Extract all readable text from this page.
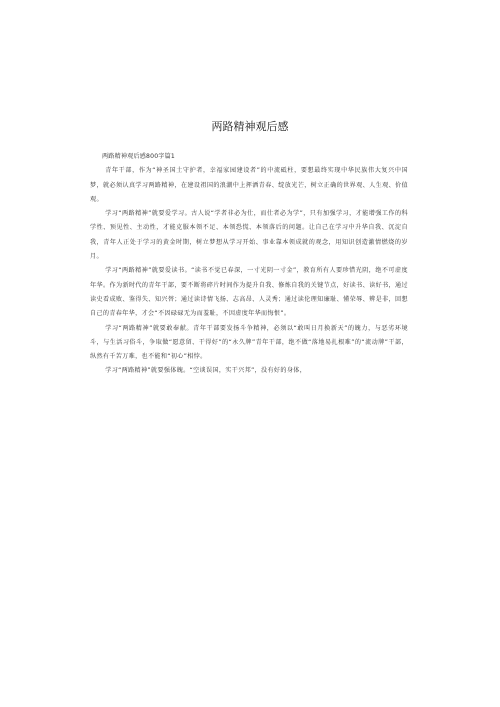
两路精神观后感

两路精神观后感800字篇1

青年干部，作为“神圣国土守护者，幸福家园建设者”的中流砥柱，要想最终实现中华民族伟大复兴中国梦，就必须认真学习两路精神，在建设祖国的浪潮中上挥洒青春、绽放光芒，树立正确的世界观、人生观、价值观。

学习“两路精神”就要爱学习。古人说“学者非必为仕，而仕者必为学”，只有加强学习，才能增强工作的科学性、预见性、主动性，才能克服本领不足、本领恐慌、本领落后的问题。让自己在学习中升华自我、沉淀自我，青年人正处于学习的黄金时期，树立梦想从学习开始、事业靠本领成就的观念，用知识创造激情燃烧的岁月。

学习“两路精神”就要爱读书。“读书不觉已春深，一寸光阴一寸金”，教育所有人要珍惜光阴，绝不可虚度年华。作为新时代的青年干部，要不断将碎片时间作为提升自我、修炼自我的关键节点，好读书、读好书，通过读史看成败、鉴得失、知兴替；通过读诗情飞扬、志高昂、人灵秀；通过读伦理知廉耻、懂荣辱、辨是非，回想自己的青春年华，才会“不因碌碌无为而羞耻，不因虚度年华而悔恨”。

学习“两路精神”就要敢奉献。青年干部要发扬斗争精神，必须以“敢叫日月换新天”的魄力，与恶劣环境斗，与生活习俗斗，争取做“愿意留、干得好”的“永久牌”青年干部，绝不做“落地易扎根难”的“流动牌”干部，纵然有千苦万难，也不能和“初心”相悖。

学习“两路精神”就要强体魄。“空谈误国，实干兴邦”，没有好的身体，
